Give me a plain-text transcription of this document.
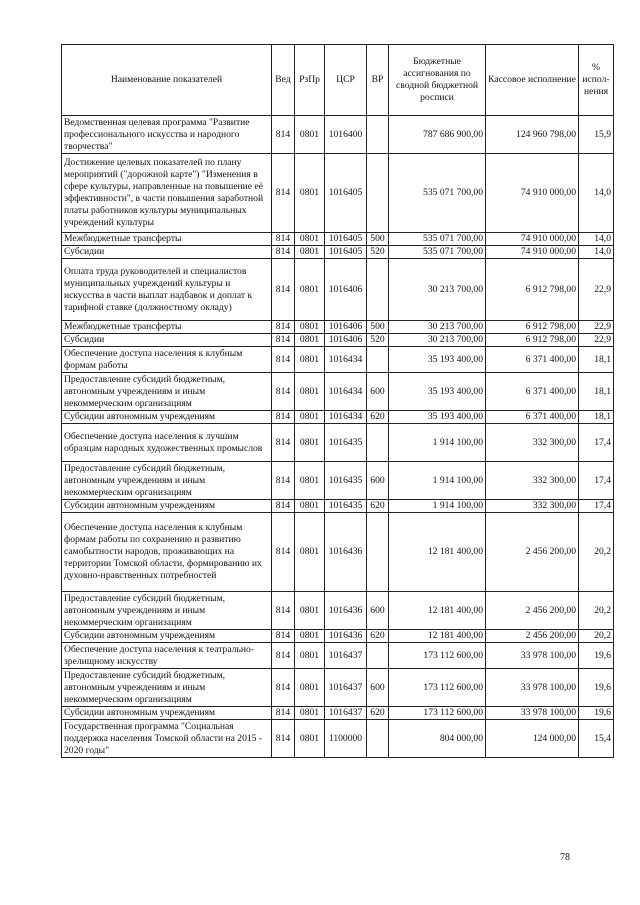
Наименование показателей	Вед	РзПр	ЦСР	ВР	Бюджетные ассигнования по сводной бюджетной росписи	Кассовое исполнение	% испол-нения
Ведомственная целевая программа "Развитие профессионального искусства и народного творчества"	814	0801	1016400		787 686 900,00	124 960 798,00	15,9
Достижение целевых показателей по плану мероприятий ("дорожной карте") "Изменения в сфере культуры, направленные на повышение её эффективности", в части повышения заработной платы работников культуры муниципальных учреждений культуры	814	0801	1016405		535 071 700,00	74 910 000,00	14,0
Межбюджетные трансферты	814	0801	1016405	500	535 071 700,00	74 910 000,00	14,0
Субсидии	814	0801	1016405	520	535 071 700,00	74 910 000,00	14,0
Оплата труда руководителей и специалистов муниципальных учреждений культуры и искусства в части выплат надбавок и доплат к тарифной ставке (должностному окладу)	814	0801	1016406		30 213 700,00	6 912 798,00	22,9
Межбюджетные трансферты	814	0801	1016406	500	30 213 700,00	6 912 798,00	22,9
Субсидии	814	0801	1016406	520	30 213 700,00	6 912 798,00	22,9
Обеспечение доступа населения к клубным формам работы	814	0801	1016434		35 193 400,00	6 371 400,00	18,1
Предоставление субсидий бюджетным, автономным учреждениям и иным некоммерческим организациям	814	0801	1016434	600	35 193 400,00	6 371 400,00	18,1
Субсидии автономным учреждениям	814	0801	1016434	620	35 193 400,00	6 371 400,00	18,1
Обеспечение доступа населения к лучшим образцам народных художественных промыслов	814	0801	1016435		1 914 100,00	332 300,00	17,4
Предоставление субсидий бюджетным, автономным учреждениям и иным некоммерческим организациям	814	0801	1016435	600	1 914 100,00	332 300,00	17,4
Субсидии автономным учреждениям	814	0801	1016435	620	1 914 100,00	332 300,00	17,4
Обеспечение доступа населения к клубным формам работы по сохранению и развитию самобытности народов, проживающих на территории Томской области, формированию их духовно-нравственных потребностей	814	0801	1016436		12 181 400,00	2 456 200,00	20,2
Предоставление субсидий бюджетным, автономным учреждениям и иным некоммерческим организациям	814	0801	1016436	600	12 181 400,00	2 456 200,00	20,2
Субсидии автономным учреждениям	814	0801	1016436	620	12 181 400,00	2 456 200,00	20,2
Обеспечение доступа населения к театрально-зрелищному искусству	814	0801	1016437		173 112 600,00	33 978 100,00	19,6
Предоставление субсидий бюджетным, автономным учреждениям и иным некоммерческим организациям	814	0801	1016437	600	173 112 600,00	33 978 100,00	19,6
Субсидии автономным учреждениям	814	0801	1016437	620	173 112 600,00	33 978 100,00	19,6
Государственная программа "Социальная поддержка населения Томской области на 2015 - 2020 годы"	814	0801	1100000		804 000,00	124 000,00	15,4
78
